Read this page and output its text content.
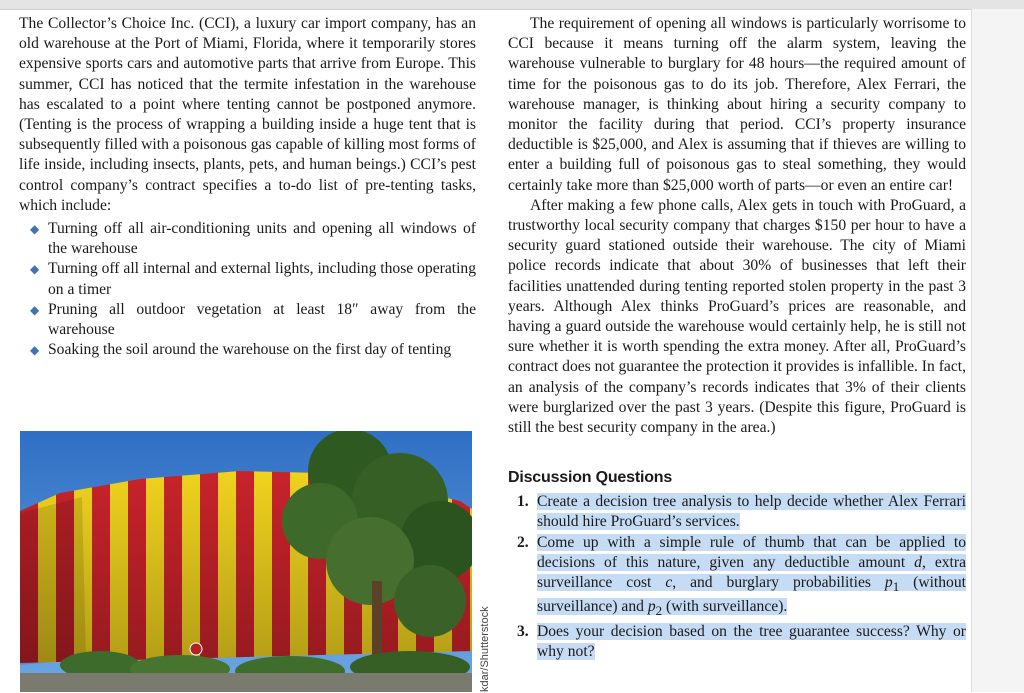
The Collector’s Choice Inc. (CCI), a luxury car import company, has an old warehouse at the Port of Miami, Florida, where it temporarily stores expensive sports cars and automotive parts that arrive from Europe. This summer, CCI has noticed that the termite infestation in the warehouse has escalated to a point where tenting cannot be postponed anymore. (Tenting is the process of wrapping a building inside a huge tent that is subsequently filled with a poisonous gas capable of killing most forms of life inside, including insects, plants, pets, and human beings.) CCI’s pest control company’s contract specifies a to-do list of pre-tenting tasks, which include:

◆ Turning off all air-conditioning units and opening all windows of the warehouse
◆ Turning off all internal and external lights, including those operating on a timer
◆ Pruning all outdoor vegetation at least 18″ away from the warehouse
◆ Soaking the soil around the warehouse on the first day of tenting
kdar/Shutterstock

The requirement of opening all windows is particularly worrisome to CCI because it means turning off the alarm system, leaving the warehouse vulnerable to burglary for 48 hours—the required amount of time for the poisonous gas to do its job. Therefore, Alex Ferrari, the warehouse manager, is thinking about hiring a security company to monitor the facility during that period. CCI’s property insurance deductible is $25,000, and Alex is assuming that if thieves are willing to enter a building full of poisonous gas to steal something, they would certainly take more than $25,000 worth of parts—or even an entire car!

After making a few phone calls, Alex gets in touch with ProGuard, a trustworthy local security company that charges $150 per hour to have a security guard stationed outside their warehouse. The city of Miami police records indicate that about 30% of businesses that left their facilities unattended during tenting reported stolen property in the past 3 years. Although Alex thinks ProGuard’s prices are reasonable, and having a guard outside the warehouse would certainly help, he is still not sure whether it is worth spending the extra money. After all, ProGuard’s contract does not guarantee the protection it provides is infallible. In fact, an analysis of the company’s records indicates that 3% of their clients were burglarized over the past 3 years. (Despite this figure, ProGuard is still the best security company in the area.)

Discussion Questions
1. Create a decision tree analysis to help decide whether Alex Ferrari should hire ProGuard’s services.
2. Come up with a simple rule of thumb that can be applied to decisions of this nature, given any deductible amount d, extra surveillance cost c, and burglary probabilities $p_1$ (without surveillance) and $p_2$ (with surveillance).
3. Does your decision based on the tree guarantee success? Why or why not?
